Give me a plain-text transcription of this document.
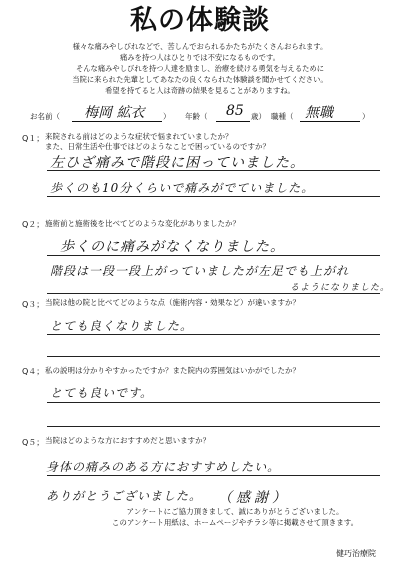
私の体験談
様々な痛みやしびれなどで、苦しんでおられるかたちがたくさんおられます。
痛みを持つ人はひとりでは不安になるものです。
そんな痛みやしびれを持つ人達を励まし、治療を続ける勇気を与えるために
当院に来られた先輩としてあなたの良くなられた体験談を聞かせてください。
希望を持てると人は奇跡の結果を見ることがありますね。
お名前（ 梅岡 絋衣 ） 年齢（ 85 歳） 職種（ 無職	）
Q１； 来院される前はどのような症状で悩まれていましたか？
また、日常生活や仕事ではどのようなことで困っているのですか？
左ひざ痛みで階段に困っていました。
歩くのも10分くらいで痛みがでていました。
Q２； 施術前と施術後を比べてどのような変化がありましたか？
歩くのに痛みがなくなりました。
階段は一段一段上がっていましたが左足でも上がれ
るようになりました。
Q３； 当院は他の院と比べてどのような点（施術内容・効果など）が違いますか？
とても良くなりました。
Q４； 私の説明は分かりやすかったですか？また院内の雰囲気はいかがでしたか？
とても良いです。
Q５； 当院はどのような方におすすめだと思いますか？
身体の痛みのある方におすすめしたい。
ありがとうございました。 （感謝）
アンケートにご協力頂きまして、誠にありがとうございました。
このアンケート用紙は、ホームページやチラシ等に掲載させて頂きます。
健巧治療院
